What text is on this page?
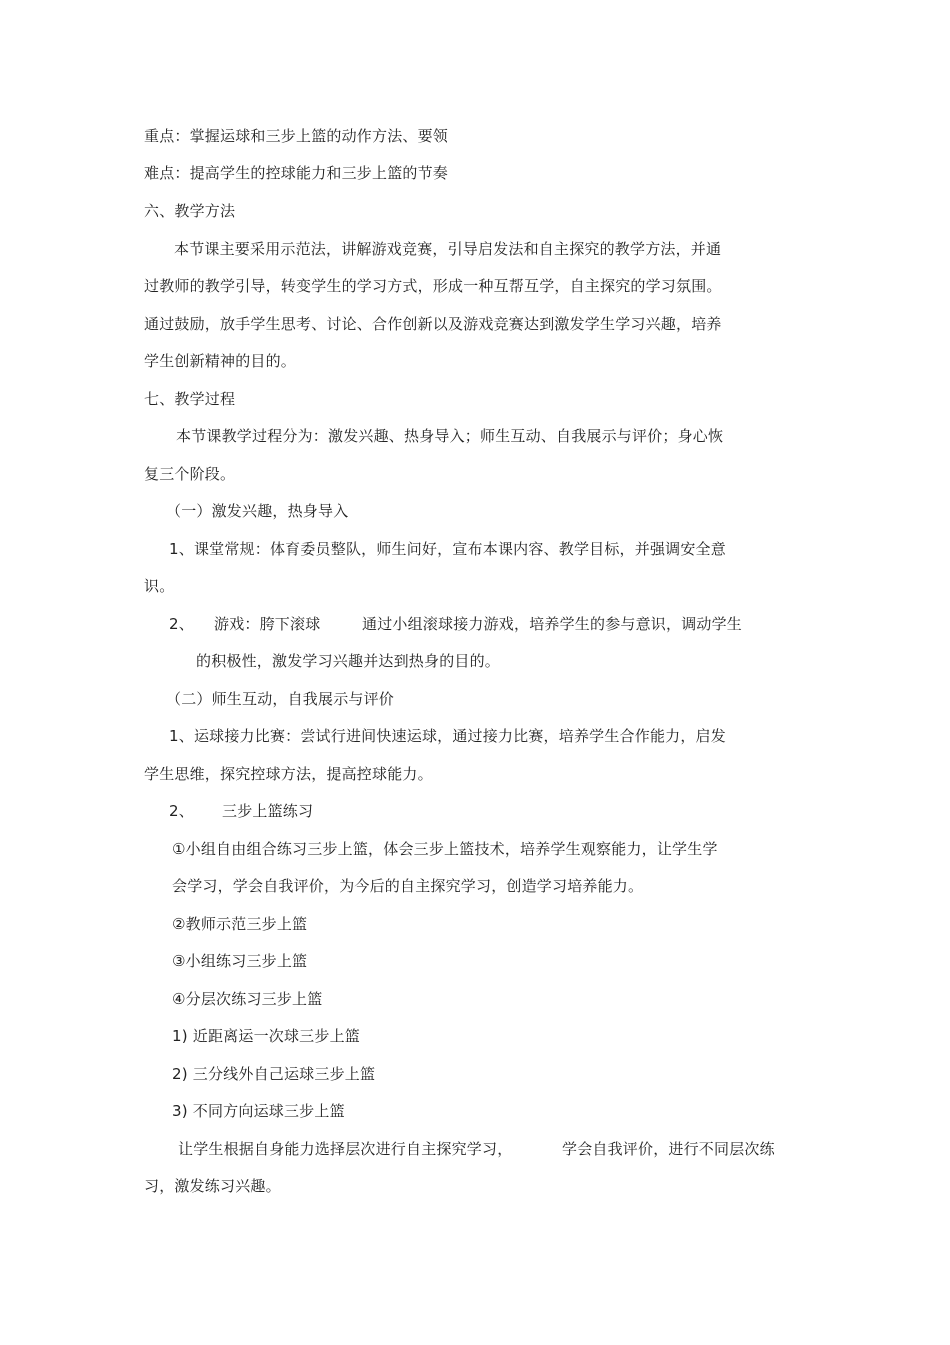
重点：掌握运球和三步上篮的动作方法、要领
难点：提高学生的控球能力和三步上篮的节奏
六、教学方法
本节课主要采用示范法，讲解游戏竞赛，引导启发法和自主探究的教学方法，并通
过教师的教学引导，转变学生的学习方式，形成一种互帮互学，自主探究的学习氛围。
通过鼓励，放手学生思考、讨论、合作创新以及游戏竞赛达到激发学生学习兴趣，培养
学生创新精神的目的。
七、教学过程
本节课教学过程分为：激发兴趣、热身导入；师生互动、自我展示与评价；身心恢
复三个阶段。
（一）激发兴趣，热身导入
1、课堂常规：体育委员整队，师生问好，宣布本课内容、教学目标，并强调安全意
识。
2、 游戏：胯下滚球	通过小组滚球接力游戏，培养学生的参与意识，调动学生
的积极性，激发学习兴趣并达到热身的目的。
（二）师生互动，自我展示与评价
1、运球接力比赛：尝试行进间快速运球，通过接力比赛，培养学生合作能力，启发
学生思维，探究控球方法，提高控球能力。
2、 三步上篮练习
①小组自由组合练习三步上篮，体会三步上篮技术，培养学生观察能力，让学生学
会学习，学会自我评价，为今后的自主探究学习，创造学习培养能力。
②教师示范三步上篮
③小组练习三步上篮
④分层次练习三步上篮
1) 近距离运一次球三步上篮
2) 三分线外自己运球三步上篮
3) 不同方向运球三步上篮
让学生根据自身能力选择层次进行自主探究学习，	学会自我评价，进行不同层次练
习，激发练习兴趣。
